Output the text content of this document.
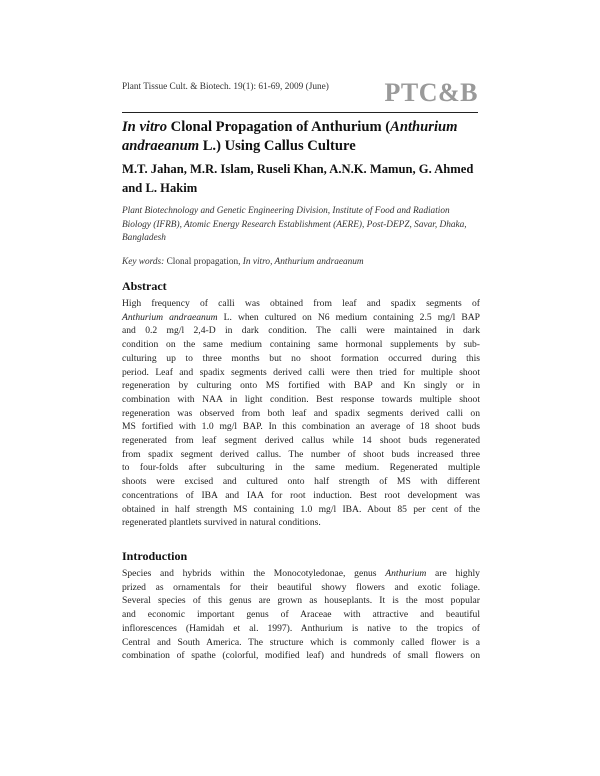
Plant Tissue Cult. & Biotech. 19(1): 61-69, 2009 (June) PTC&B
In vitro Clonal Propagation of Anthurium (Anthurium andraeanum L.) Using Callus Culture
M.T. Jahan, M.R. Islam, Ruseli Khan, A.N.K. Mamun, G. Ahmed and L. Hakim
Plant Biotechnology and Genetic Engineering Division, Institute of Food and Radiation Biology (IFRB), Atomic Energy Research Establishment (AERE), Post-DEPZ, Savar, Dhaka, Bangladesh
Key words: Clonal propagation, In vitro, Anthurium andraeanum
Abstract
High frequency of calli was obtained from leaf and spadix segments of
Anthurium andraeanum L. when cultured on N6 medium containing 2.5 mg/l BAP
and 0.2 mg/l 2,4-D in dark condition. The calli were maintained in dark
condition on the same medium containing same hormonal supplements by sub-
culturing up to three months but no shoot formation occurred during this
period. Leaf and spadix segments derived calli were then tried for multiple shoot
regeneration by culturing onto MS fortified with BAP and Kn singly or in
combination with NAA in light condition. Best response towards multiple shoot
regeneration was observed from both leaf and spadix segments derived calli on
MS fortified with 1.0 mg/l BAP. In this combination an average of 18 shoot buds
regenerated from leaf segment derived callus while 14 shoot buds regenerated
from spadix segment derived callus. The number of shoot buds increased three
to four-folds after subculturing in the same medium. Regenerated multiple
shoots were excised and cultured onto half strength of MS with different
concentrations of IBA and IAA for root induction. Best root development was
obtained in half strength MS containing 1.0 mg/l IBA. About 85 per cent of the
regenerated plantlets survived in natural conditions.
Introduction
Species and hybrids within the Monocotyledonae, genus Anthurium are highly
prized as ornamentals for their beautiful showy flowers and exotic foliage.
Several species of this genus are grown as houseplants. It is the most popular
and economic important genus of Araceae with attractive and beautiful
inflorescences (Hamidah et al. 1997). Anthurium is native to the tropics of
Central and South America. The structure which is commonly called flower is a
combination of spathe (colorful, modified leaf) and hundreds of small flowers on
